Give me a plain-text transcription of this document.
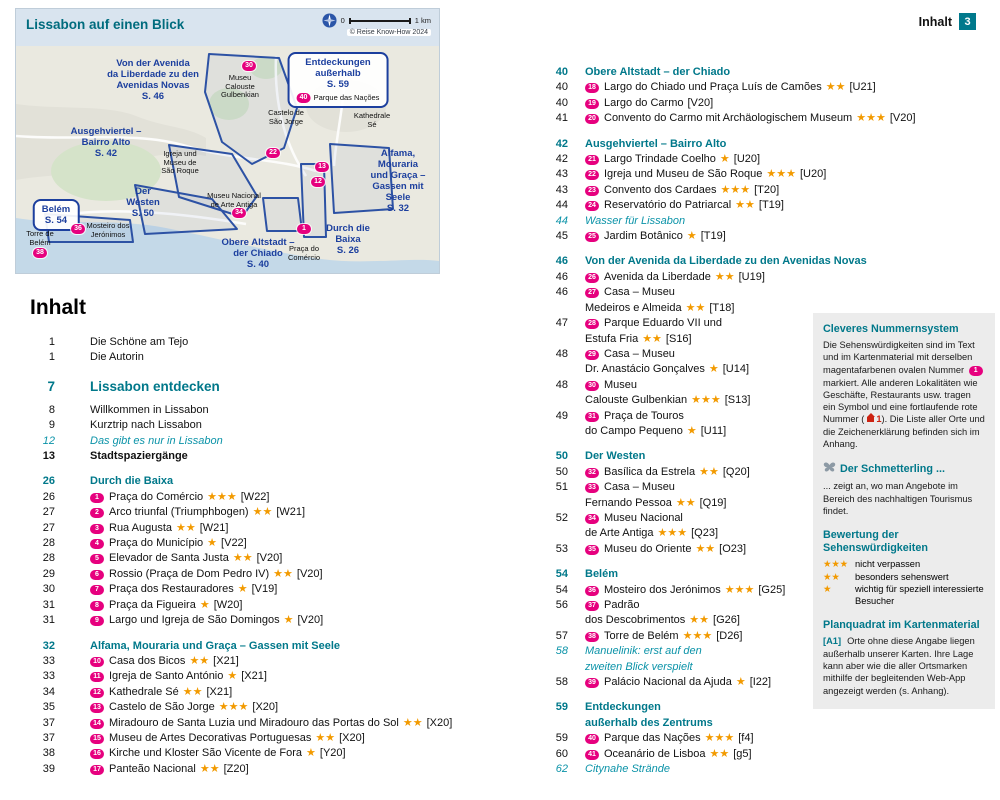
Lissabon auf einen Blick	0	1 km
© Reise Know-How 2024
Von der Avenida
da Liberdade zu den
Avenidas Novas
S. 46
Entdeckungen
außerhalb
S. 59
40 Parque das Nações
Ausgehviertel –
Bairro Alto
S. 42
Der
Westen
S. 50
Belém
S. 54
Obere Altstadt –
der Chiado
S. 40
Durch die
Baixa
S. 26
Alfama,
Mouraria
und Graça –
Gassen mit
Seele
S. 32
Museu
Calouste
Gulbenkian
Castelo de
São Jorge
Kathedrale
Sé
Igreja und
Museu de
São Roque
Museu Nacional
de Arte Antiga
Mosteiro dos
Jerónimos
Torre de
Belém
Praça do
Comércio
30
22
13
12
34
1
36
38
Inhalt	3
Inhalt
1	Die Schöne am Tejo
1	Die Autorin
7	Lissabon entdecken
8	Willkommen in Lissabon
9	Kurztrip nach Lissabon
12	Das gibt es nur in Lissabon
13	Stadtspaziergänge
26	Durch die Baixa
26	1 Praça do Comércio ★★★ [W22]
27	2 Arco triunfal (Triumphbogen) ★★ [W21]
27	3 Rua Augusta ★★ [W21]
28	4 Praça do Município ★ [V22]
28	5 Elevador de Santa Justa ★★ [V20]
29	6 Rossio (Praça de Dom Pedro IV) ★★ [V20]
30	7 Praça dos Restauradores ★ [V19]
31	8 Praça da Figueira ★ [W20]
31	9 Largo und Igreja de São Domingos ★ [V20]
32	Alfama, Mouraria und Graça – Gassen mit Seele
33	10 Casa dos Bicos ★★ [X21]
33	11 Igreja de Santo António ★ [X21]
34	12 Kathedrale Sé ★★ [X21]
35	13 Castelo de São Jorge ★★★ [X20]
37	14 Miradouro de Santa Luzia und Miradouro das Portas do Sol ★★ [X20]
37	15 Museu de Artes Decorativas Portuguesas ★★ [X20]
38	16 Kirche und Kloster São Vicente de Fora ★ [Y20]
39	17 Panteão Nacional ★★ [Z20]
40 Obere Altstadt – der Chiado
40	18 Largo do Chiado und Praça Luís de Camões ★★ [U21]
40	19 Largo do Carmo [V20]
41	20 Convento do Carmo mit Archäologischem Museum ★★★ [V20]
42 Ausgehviertel – Bairro Alto
42	21 Largo Trindade Coelho ★ [U20]
43	22 Igreja und Museu de São Roque ★★★ [U20]
43	23 Convento dos Cardaes ★★★ [T20]
44	24 Reservatório do Patriarcal ★★ [T19]
44 Wasser für Lissabon
45	25 Jardim Botânico ★ [T19]
46 Von der Avenida da Liberdade zu den Avenidas Novas
46	26 Avenida da Liberdade ★★ [U19]
46	27 Casa – Museu
Medeiros e Almeida ★★ [T18]
47	28 Parque Eduardo VII und
Estufa Fria ★★ [S16]
48	29 Casa – Museu
Dr. Anastácio Gonçalves ★ [U14]
48	30 Museu
Calouste Gulbenkian ★★★ [S13]
49	31 Praça de Touros
do Campo Pequeno ★ [U11]
50 Der Westen
50	32 Basílica da Estrela ★★ [Q20]
51	33 Casa – Museu
Fernando Pessoa ★★ [Q19]
52	34 Museu Nacional
de Arte Antiga ★★★ [Q23]
53	35 Museu do Oriente ★★ [O23]
54 Belém
54	36 Mosteiro dos Jerónimos ★★★ [G25]
56	37 Padrão
dos Descobrimentos ★★ [G26]
57	38 Torre de Belém ★★★ [D26]
58 Manuelinik: erst auf den
zweiten Blick verspielt
58	39 Palácio Nacional da Ajuda ★ [I22]
59 Entdeckungen
außerhalb des Zentrums
59	40 Parque das Nações ★★★ [f4]
60	41 Oceanário de Lisboa ★★ [g5]
62 Citynahe Strände
Cleveres Nummernsystem

Die Sehenswürdigkeiten sind im Text und im Kartenmaterial mit derselben magentafarbenen ovalen Nummer 1 markiert. Alle anderen Lokalitäten wie Geschäfte, Restaurants usw. tragen ein Symbol und eine fortlaufende rote Nummer ( 1). Die Liste aller Orte und die Zeichenerklärung befinden sich im Anhang.

Der Schmetterling ...

... zeigt an, wo man Angebote im Bereich des nachhaltigen Tourismus findet.

Bewertung der Sehenswürdigkeiten
★★★ nicht verpassen
★★	besonders sehenswert
★	wichtig für speziell interessierte Besucher
Planquadrat im Kartenmaterial

[A1] Orte ohne diese Angabe liegen außerhalb unserer Karten. Ihre Lage kann aber wie die aller Ortsmarken mithilfe der begleitenden Web-App angezeigt werden (s. Anhang).
